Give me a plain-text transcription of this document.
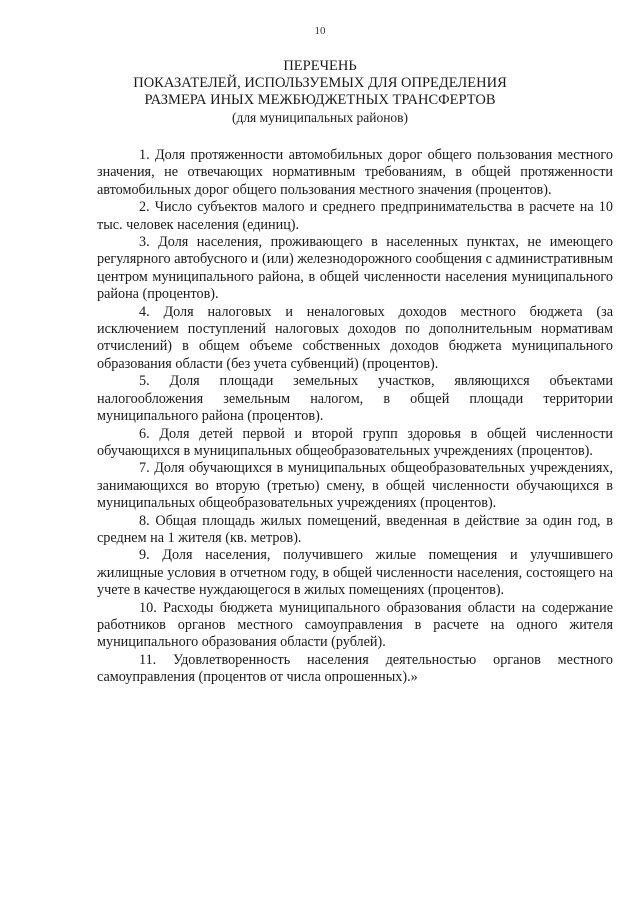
10
ПЕРЕЧЕНЬ
ПОКАЗАТЕЛЕЙ, ИСПОЛЬЗУЕМЫХ ДЛЯ ОПРЕДЕЛЕНИЯ
РАЗМЕРА ИНЫХ МЕЖБЮДЖЕТНЫХ ТРАНСФЕРТОВ
(для муниципальных районов)

1. Доля протяженности автомобильных дорог общего пользования местного значения, не отвечающих нормативным требованиям, в общей протяженности автомобильных дорог общего пользования местного значения (процентов).

2. Число субъектов малого и среднего предпринимательства в расчете на 10 тыс. человек населения (единиц).

3. Доля населения, проживающего в населенных пунктах, не имеющего регулярного автобусного и (или) железнодорожного сообщения с административным центром муниципального района, в общей численности населения муниципального района (процентов).

4. Доля налоговых и неналоговых доходов местного бюджета (за исключением поступлений налоговых доходов по дополнительным нормативам отчислений) в общем объеме собственных доходов бюджета муниципального образования области (без учета субвенций) (процентов).

5. Доля площади земельных участков, являющихся объектами налогообложения земельным налогом, в общей площади территории муниципального района (процентов).

6. Доля детей первой и второй групп здоровья в общей численности обучающихся в муниципальных общеобразовательных учреждениях (процентов).

7. Доля обучающихся в муниципальных общеобразовательных учреждениях, занимающихся во вторую (третью) смену, в общей численности обучающихся в муниципальных общеобразовательных учреждениях (процентов).

8. Общая площадь жилых помещений, введенная в действие за один год, в среднем на 1 жителя (кв. метров).

9. Доля населения, получившего жилые помещения и улучшившего жилищные условия в отчетном году, в общей численности населения, состоящего на учете в качестве нуждающегося в жилых помещениях (процентов).

10. Расходы бюджета муниципального образования области на содержание работников органов местного самоуправления в расчете на одного жителя муниципального образования области (рублей).

11. Удовлетворенность населения деятельностью органов местного самоуправления (процентов от числа опрошенных).»
